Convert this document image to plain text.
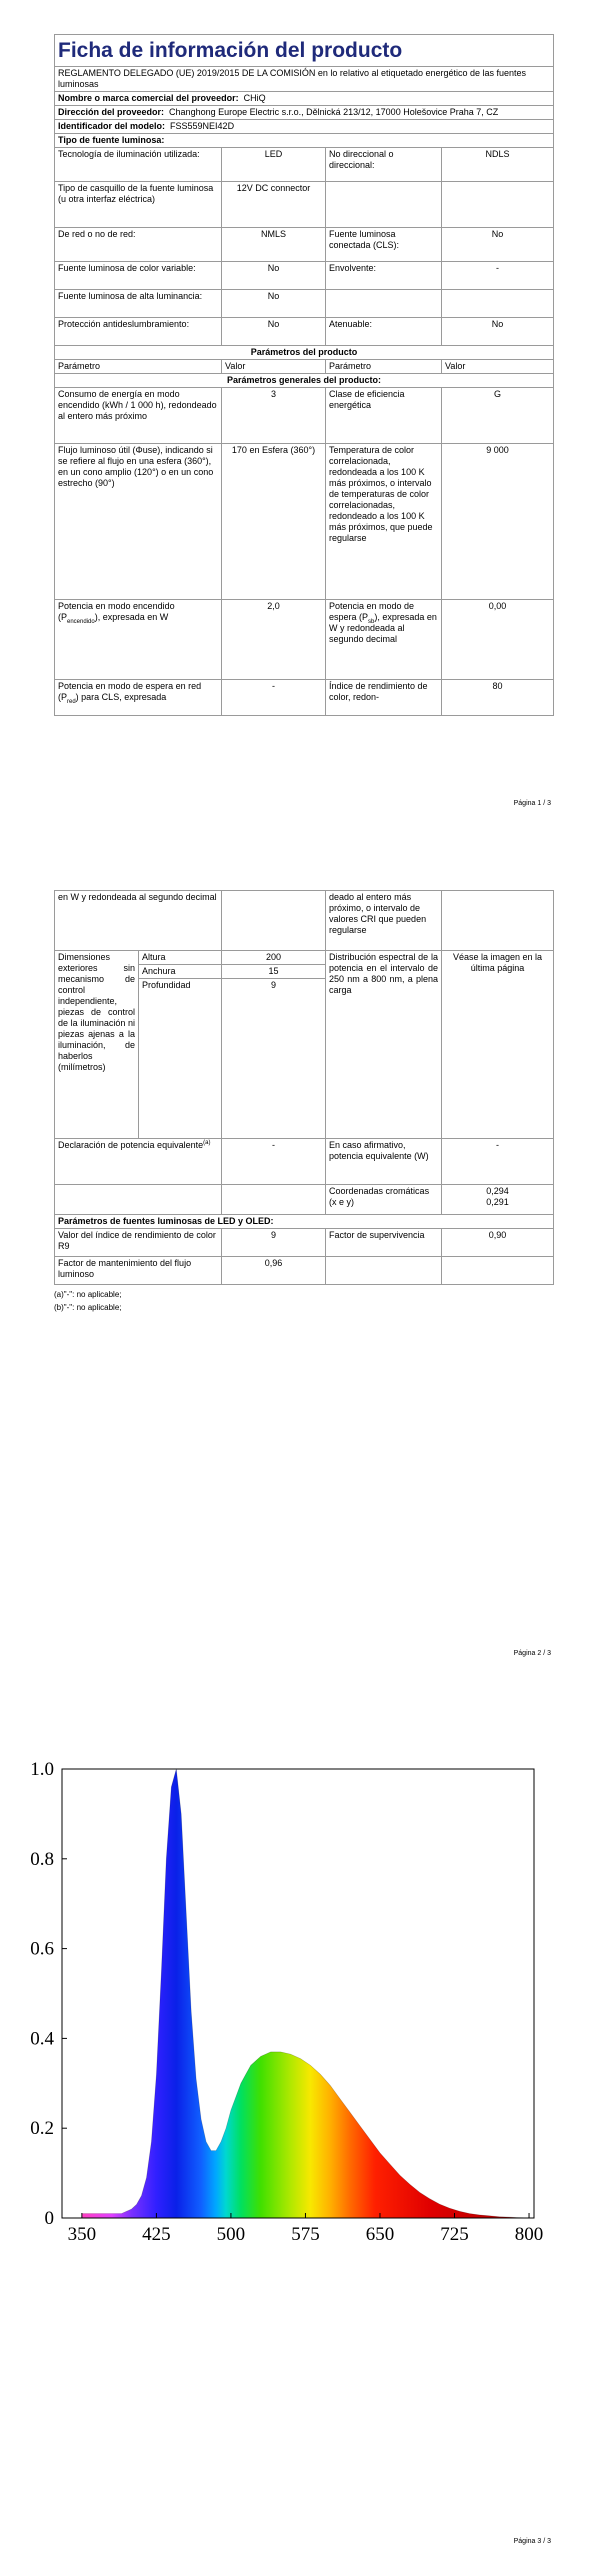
Ficha de información del producto			
REGLAMENTO DELEGADO (UE) 2019/2015 DE LA COMISIÓN en lo relativo al etiquetado energético de las fuentes luminosas			
Nombre o marca comercial del proveedor: CHiQ			
Dirección del proveedor: Changhong Europe Electric s.r.o., Dělnická 213/12, 17000 Holešovice Praha 7, CZ			
Identificador del modelo: FSS559NEI42D			
Tipo de fuente luminosa:			
Tecnología de iluminación utilizada:	LED	No direccional o direccional:	NDLS

Tipo de casquillo de la fuente luminosa
(u otra interfaz eléctrica)	12V DC connector		
De red o no de red:	NMLS	Fuente luminosa conectada (CLS):	No
Fuente luminosa de color variable:	No	Envolvente:	-
Fuente luminosa de alta luminancia:	No		
Protección antideslumbramiento:	No	Atenuable:	No
Parámetros del producto			
Parámetro	Valor	Parámetro	Valor
Parámetros generales del producto:			
Consumo de energía en modo encendido (kWh / 1 000 h), redondeado al entero más próximo	3	Clase de eficiencia energética	G
Flujo luminoso útil (Φuse), indicando si se refiere al flujo en una esfera (360°), en un cono amplio (120°) o en un cono estrecho (90°)	170 en Esfera (360°)	Temperatura de color correlacionada, redondeada a los 100 K más próximos, o intervalo de temperaturas de color correlacionadas, redondeado a los 100 K más próximos, que puede regularse	9 000
Potencia en modo encendido $(P_{encendido})$, expresada en W	2,0	Potencia en modo de espera $(P_{sb})$, expresada en W y redondeada al segundo decimal	0,00
Potencia en modo de espera en red $(P_{red})$ para CLS, expresada	-	Índice de rendimiento de color, redon-	80
Página 1 / 3
en W y redondeada al segundo decimal			deado al entero más próximo, o intervalo de valores CRI que pueden regularse	
Dimensiones exteriores sin mecanismo de control independiente, piezas de control de la iluminación ni piezas ajenas a la iluminación, de haberlos (milímetros)	Altura	200	Distribución espectral de la potencia en el intervalo de 250 nm a 800 nm, a plena carga	Véase la imagen en la última página
	Anchura	15		
	Profundidad	9		
Declaración de potencia equivalente$^{(a)}$		-	En caso afirmativo, potencia equivalente (W)	-
			Coordenadas cromáticas (x e y)	0,294
0,291

Parámetros de fuentes luminosas de LED y OLED:				
Valor del índice de rendimiento de color R9		9	Factor de supervivencia	0,90
Factor de mantenimiento del flujo luminoso		0,96		
(a)"-": no aplicable;
(b)"-": no aplicable;
Página 2 / 3
0
0.2
0.4
0.6
0.8
1.0
350 425 500 575 650 725 800
Página 3 / 3
